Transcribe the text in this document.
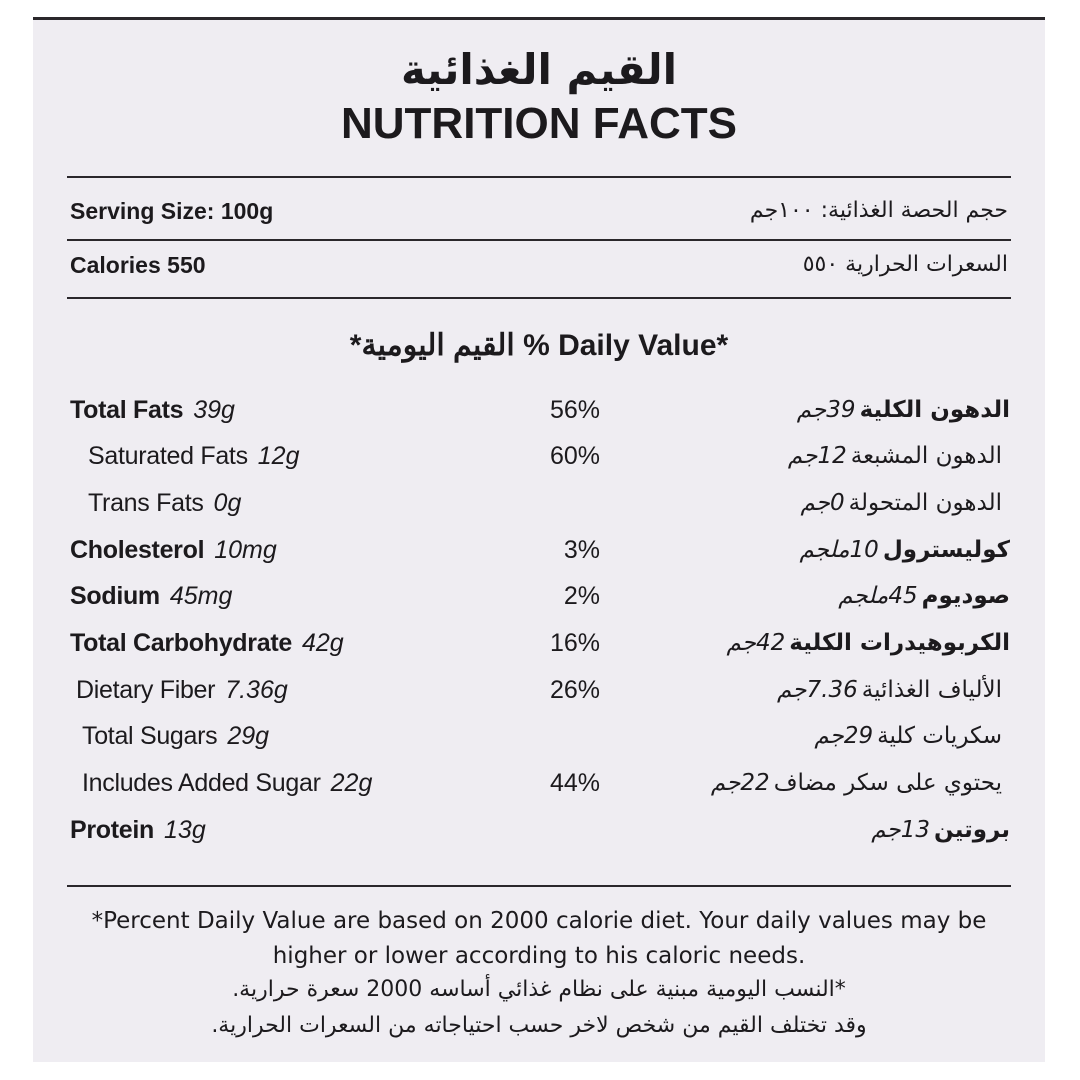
القيم الغذائية
NUTRITION FACTS
Serving Size: 100g	حجم الحصة الغذائية: ١٠٠جم
Calories 550	السعرات الحرارية ٥٥٠
*القيم اليومية % Daily Value*
Total Fats 39g	56%	الدهون الكلية39جم
Saturated Fats 12g	60%	الدهون المشبعة12جم
Trans Fats 0g	الدهون المتحولة0جم
Cholesterol 10mg	3%	كوليسترول10ملجم
Sodium 45mg	2%	صوديوم45ملجم
Total Carbohydrate 42g	16%	الكربوهيدرات الكلية42جم
Dietary Fiber 7.36g	26%	الألياف الغذائية7.36جم
Total Sugars 29g	سكريات كلية29جم
Includes Added Sugar 22g	44%	يحتوي على سكر مضاف22جم
Protein 13g	بروتين13جم
*Percent Daily Value are based on 2000 calorie diet. Your daily values may be higher or lower according to his caloric needs.
*النسب اليومية مبنية على نظام غذائي أساسه 2000 سعرة حرارية.
وقد تختلف القيم من شخص لاخر حسب احتياجاته من السعرات الحرارية.
